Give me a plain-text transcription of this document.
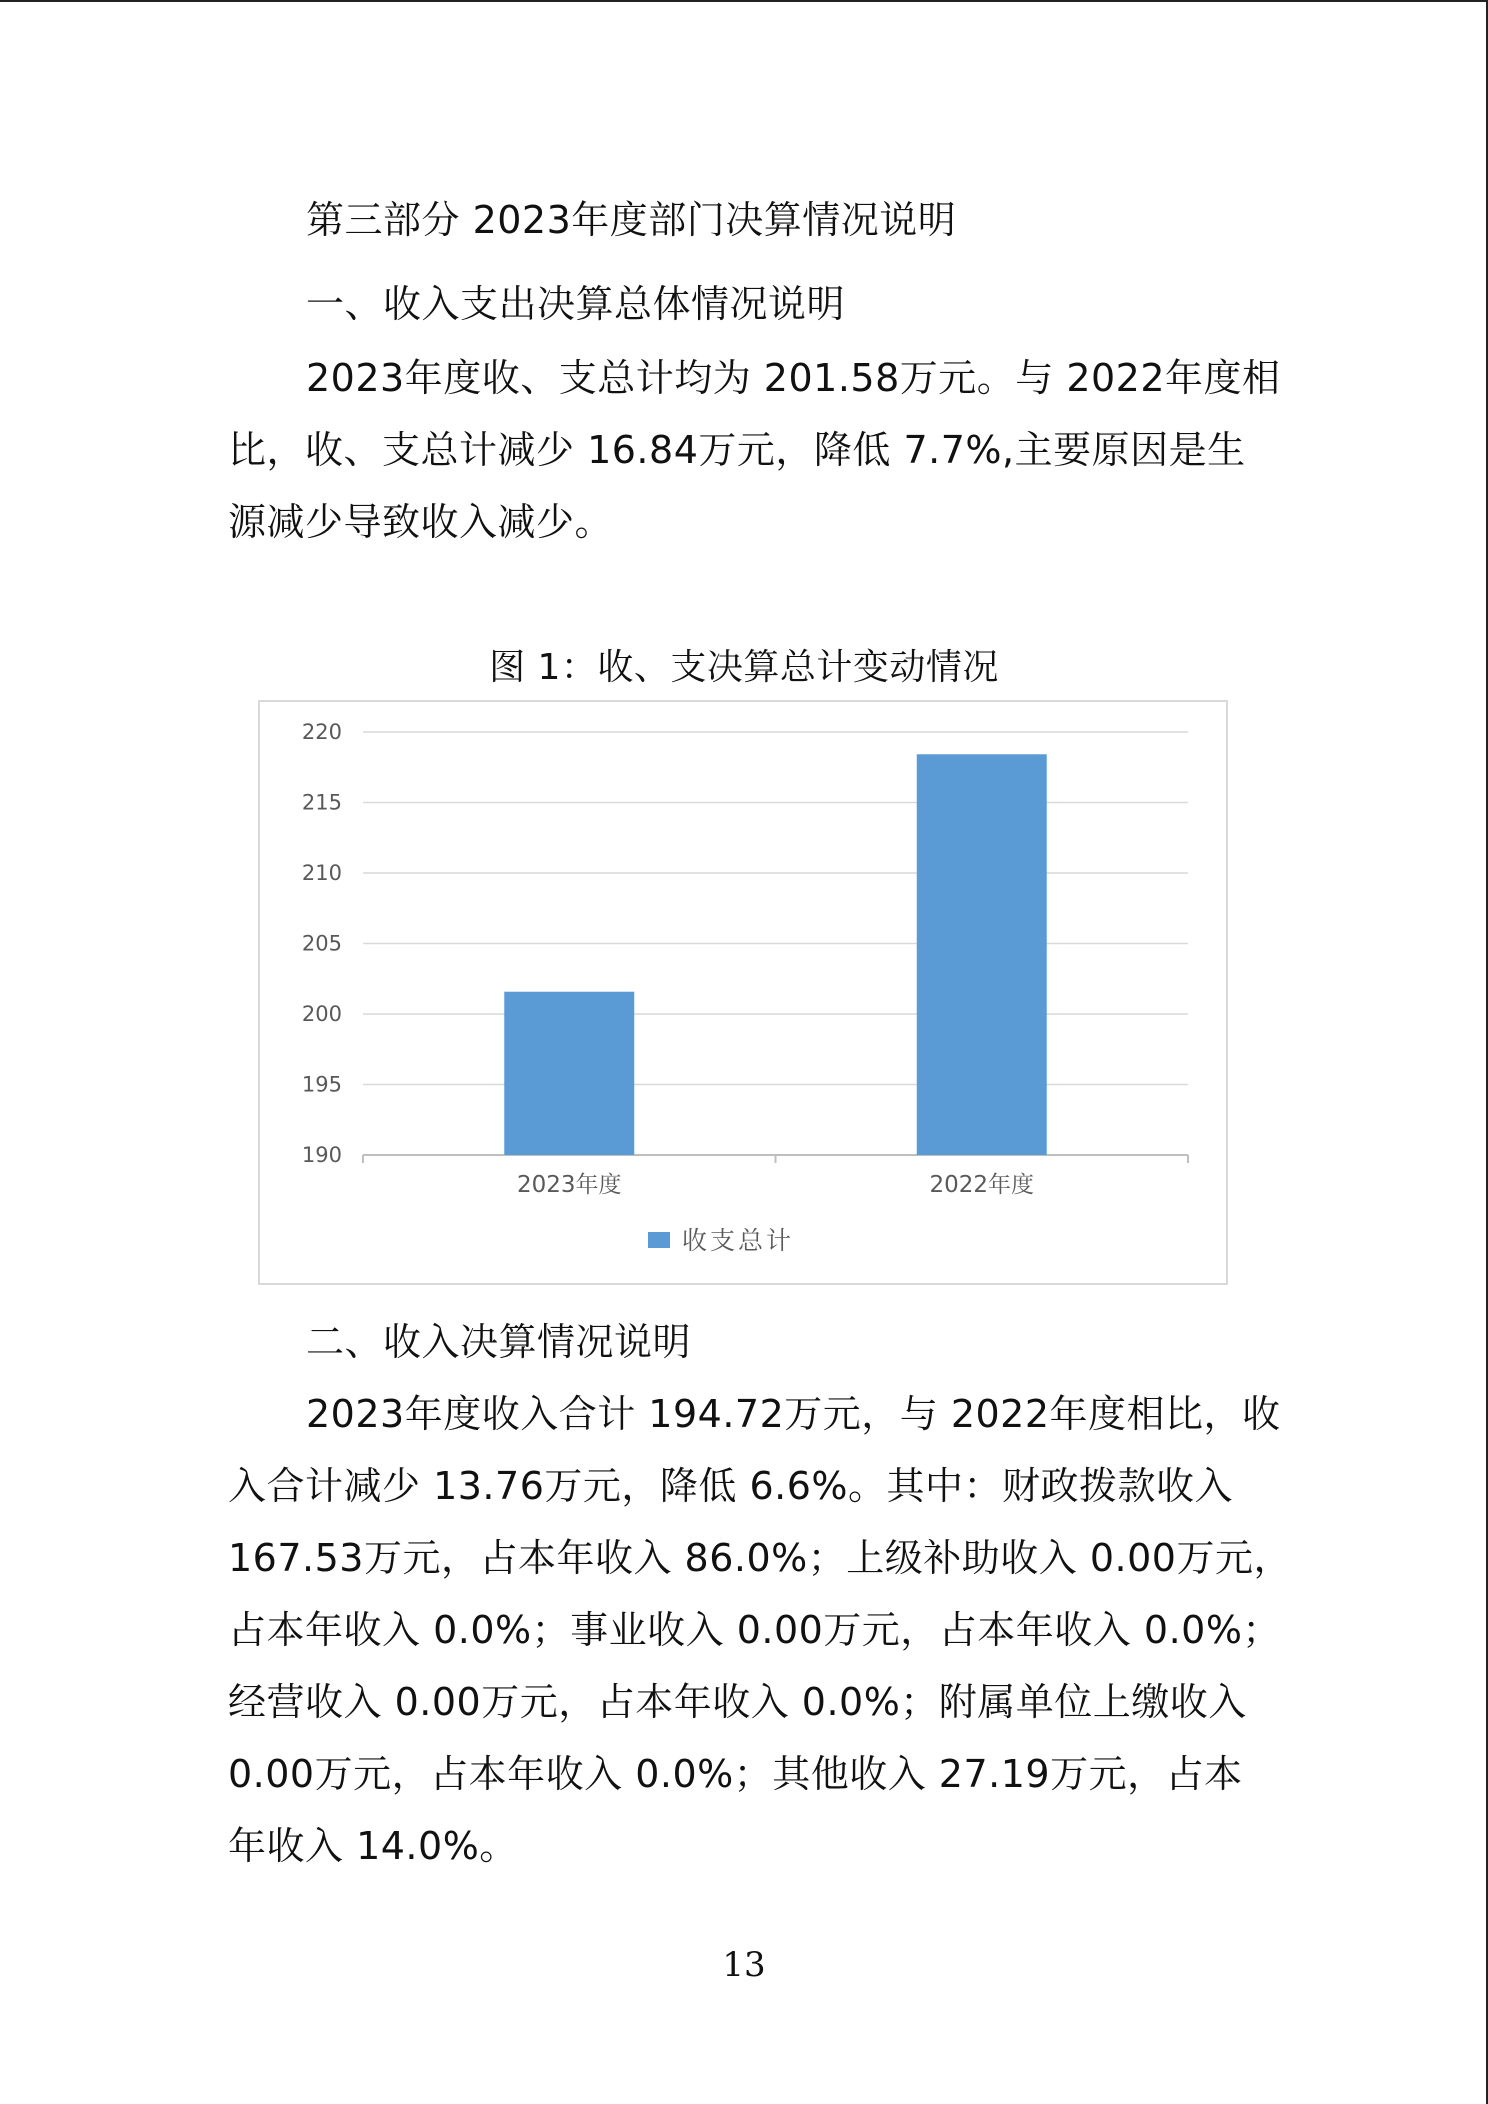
第三部分 2023年度部门决算情况说明
一、收入支出决算总体情况说明
2023年度收、支总计均为 201.58万元。与 2022年度相
比，收、支总计减少 16.84万元，降低 7.7%,主要原因是生
源减少导致收入减少。
图 1：收、支决算总计变动情况
220
215
210
205
200
195
190
2023年度	2022年度
收支总计
二、收入决算情况说明
2023年度收入合计 194.72万元，与 2022年度相比，收
入合计减少 13.76万元，降低 6.6%。其中：财政拨款收入
167.53万元，占本年收入 86.0%；上级补助收入 0.00万元，
占本年收入 0.0%；事业收入 0.00万元，占本年收入 0.0%；
经营收入 0.00万元，占本年收入 0.0%；附属单位上缴收入
0.00万元，占本年收入 0.0%；其他收入 27.19万元，占本
年收入 14.0%。
13
